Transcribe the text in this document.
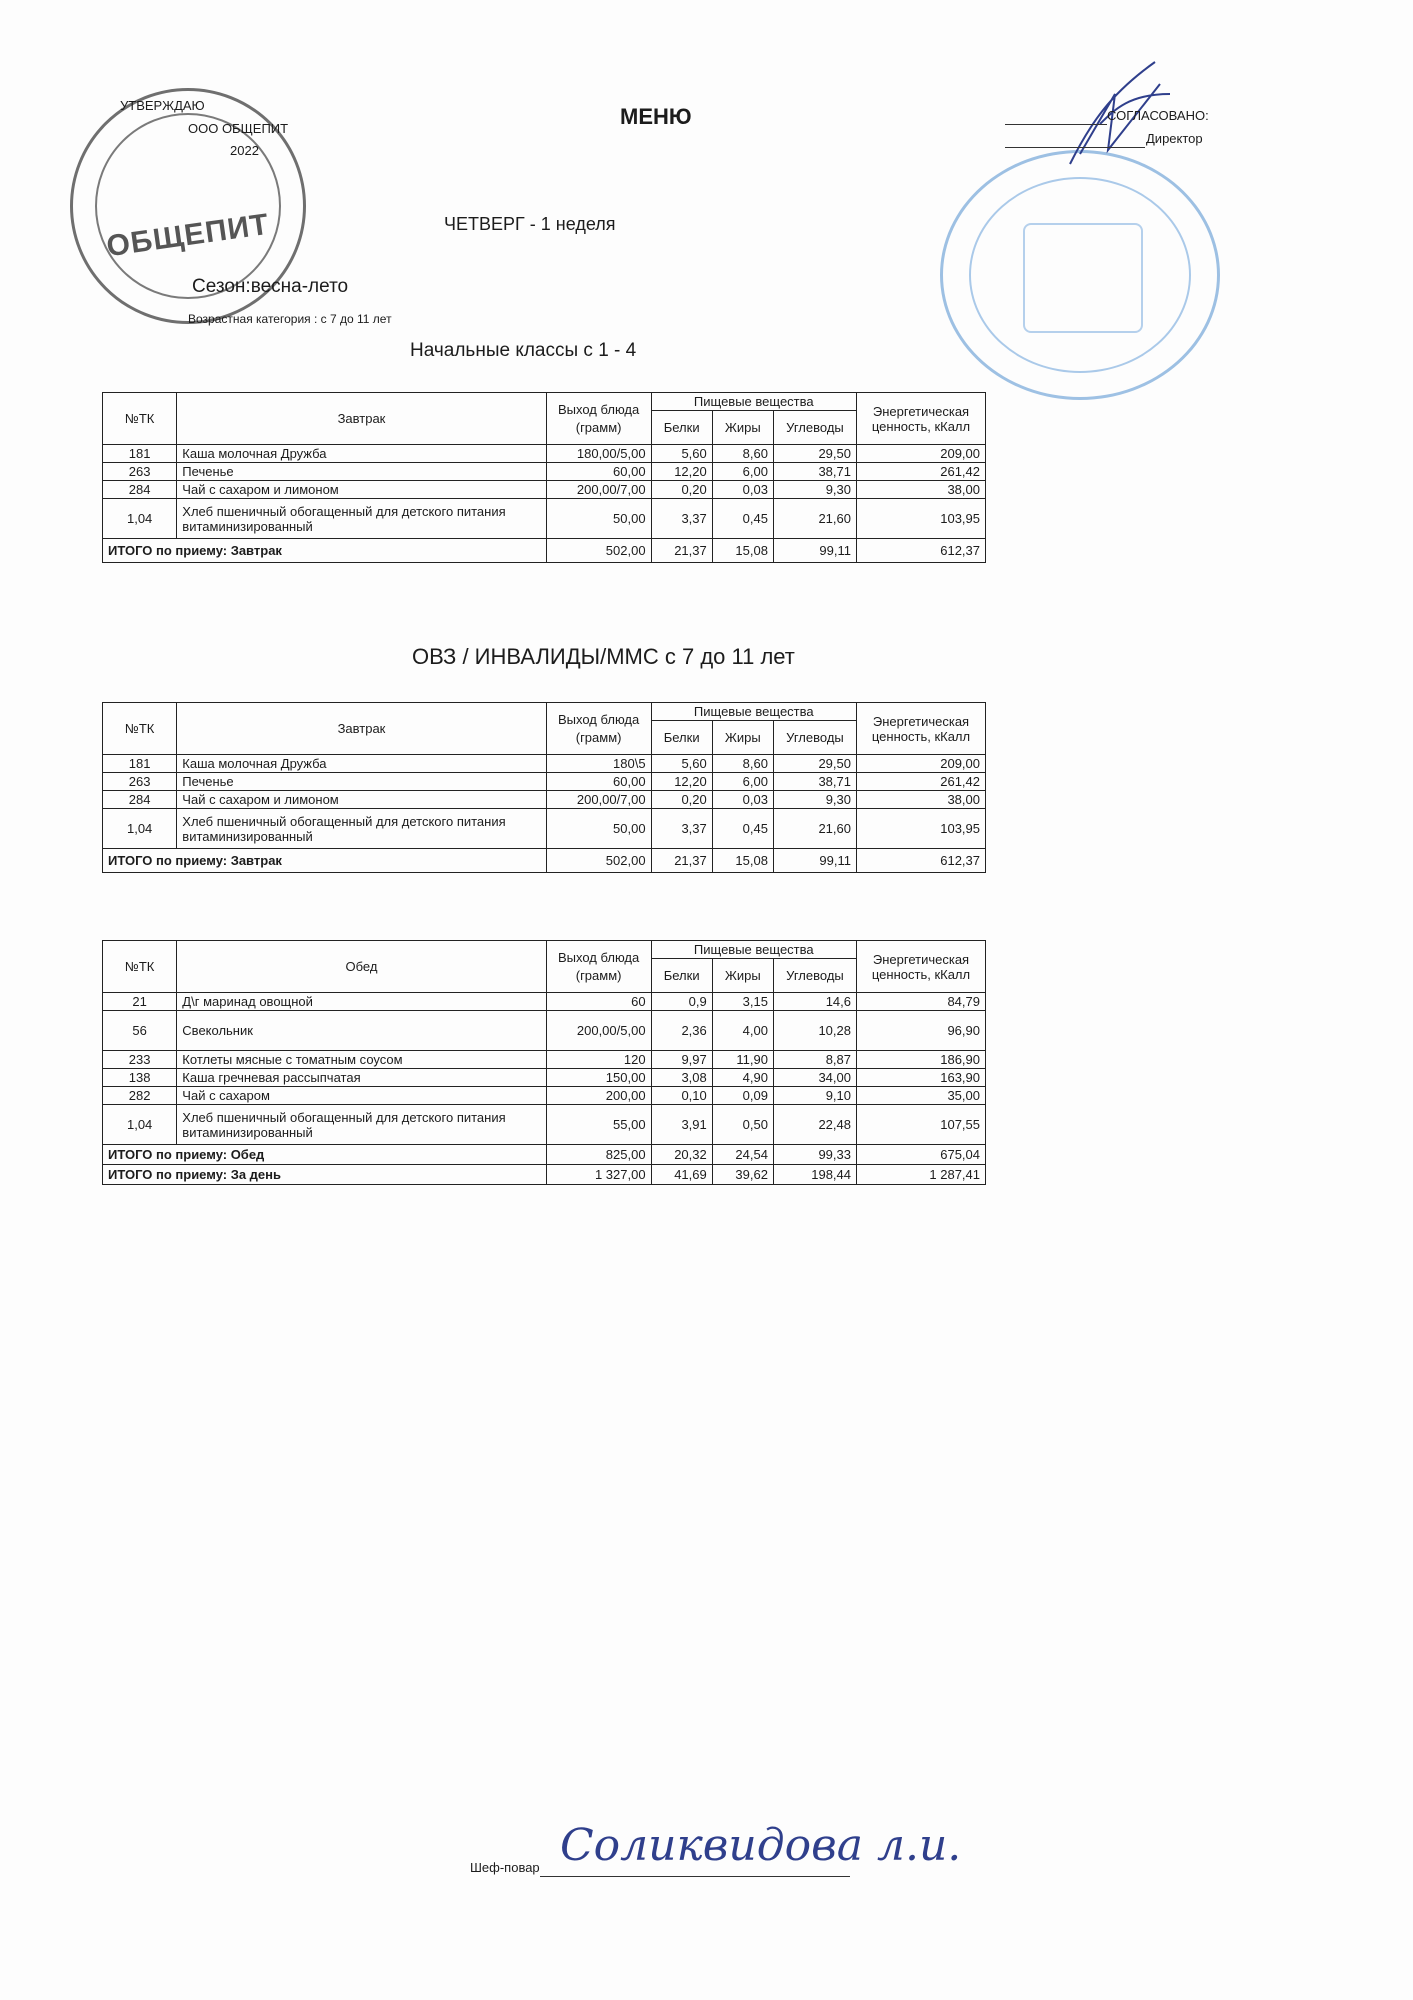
ОБЩЕПИТ
УТВЕРЖДАЮ
ООО ОБЩЕПИТ
2022
МЕНЮ	СОГЛАСОВАНО:
Директор
ЧЕТВЕРГ - 1 неделя
Сезон:весна-лето
Возрастная категория : с 7 до 11 лет
Начальные классы с 1 - 4
ОВЗ / ИНВАЛИДЫ/ММС с 7 до 11 лет
№ТК	Завтрак	Выход блюда (грамм)	Пищевые вещества			Энергетическая ценность, кКалл
			Белки	Жиры	Углеводы	
181	Каша молочная Дружба	180,00/5,00	5,60	8,60	29,50	209,00
263	Печенье	60,00	12,20	6,00	38,71	261,42
284	Чай с сахаром и лимоном	200,00/7,00	0,20	0,03	9,30	38,00
1,04	Хлеб пшеничный обогащенный для детского питания витаминизированный	50,00	3,37	0,45	21,60	103,95
ИТОГО по приему: Завтрак		502,00	21,37	15,08	99,11	612,37
№ТК	Завтрак	Выход блюда (грамм)	Пищевые вещества			Энергетическая ценность, кКалл
			Белки	Жиры	Углеводы	
181	Каша молочная Дружба	180\5	5,60	8,60	29,50	209,00
263	Печенье	60,00	12,20	6,00	38,71	261,42
284	Чай с сахаром и лимоном	200,00/7,00	0,20	0,03	9,30	38,00
1,04	Хлеб пшеничный обогащенный для детского питания витаминизированный	50,00	3,37	0,45	21,60	103,95
ИТОГО по приему: Завтрак		502,00	21,37	15,08	99,11	612,37
№ТК	Обед	Выход блюда (грамм)	Пищевые вещества			Энергетическая ценность, кКалл
			Белки	Жиры	Углеводы	
21	Д\г маринад овощной	60	0,9	3,15	14,6	84,79
56	Свекольник	200,00/5,00	2,36	4,00	10,28	96,90
233	Котлеты мясные с томатным соусом	120	9,97	11,90	8,87	186,90
138	Каша гречневая рассыпчатая	150,00	3,08	4,90	34,00	163,90
282	Чай с сахаром	200,00	0,10	0,09	9,10	35,00
1,04	Хлеб пшеничный обогащенный для детского питания витаминизированный	55,00	3,91	0,50	22,48	107,55
ИТОГО по приему: Обед		825,00	20,32	24,54	99,33	675,04
ИТОГО по приему: За день		1 327,00	41,69	39,62	198,44	1 287,41
Шеф-повар Соликвидова л.и.
